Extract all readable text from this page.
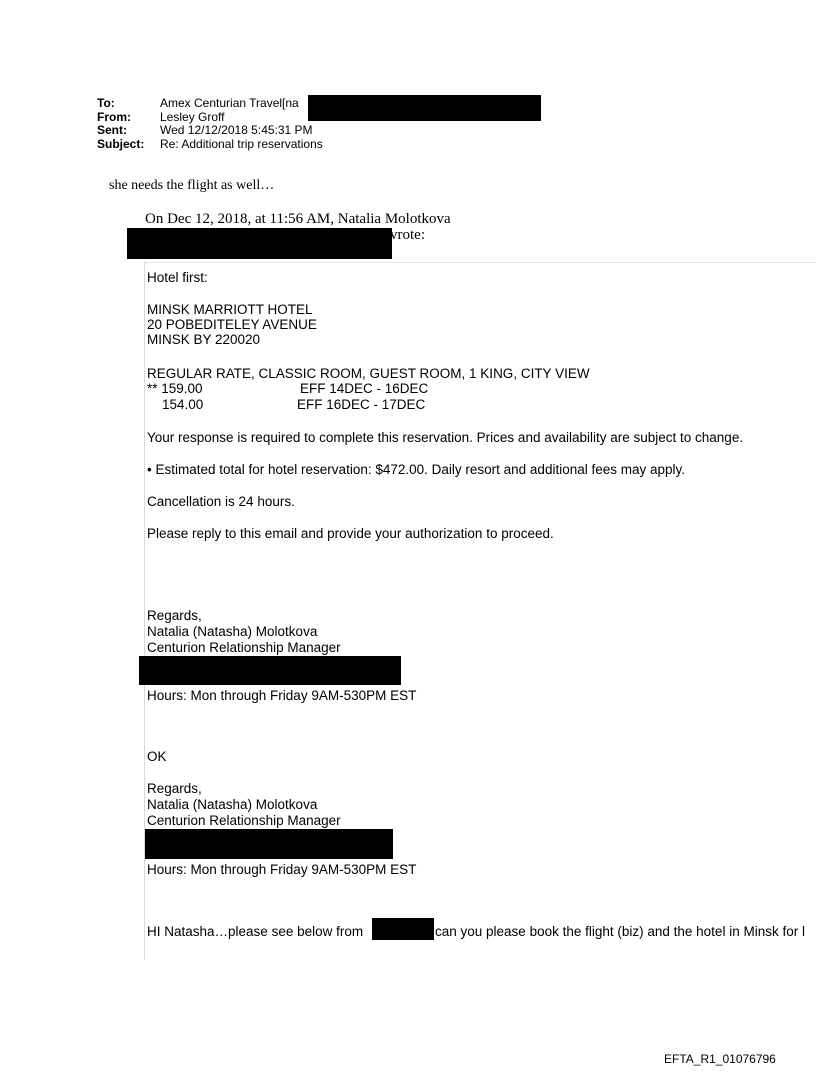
To:	Amex Centurian Travel[na
From:	Lesley Groff
Sent:	Wed 12/12/2018 5:45:31 PM
Subject:	Re: Additional trip reservations
she needs the flight as well…
On Dec 12, 2018, at 11:56 AM, Natalia Molotkova
vrote:
Hotel first:
MINSK MARRIOTT HOTEL
20 POBEDITELEY AVENUE
MINSK BY 220020
REGULAR RATE, CLASSIC ROOM, GUEST ROOM, 1 KING, CITY VIEW
** 159.00	EFF 14DEC - 16DEC
154.00	EFF 16DEC - 17DEC
Your response is required to complete this reservation. Prices and availability are subject to change.
• Estimated total for hotel reservation: $472.00. Daily resort and additional fees may apply.
Cancellation is 24 hours.
Please reply to this email and provide your authorization to proceed.
Regards,
Natalia (Natasha) Molotkova
Centurion Relationship Manager
Hours: Mon through Friday 9AM-530PM EST
OK
Regards,
Natalia (Natasha) Molotkova
Centurion Relationship Manager
Hours: Mon through Friday 9AM-530PM EST
HI Natasha…please see below from	can you please book the flight (biz) and the hotel in Minsk for l
EFTA_R1_01076796
